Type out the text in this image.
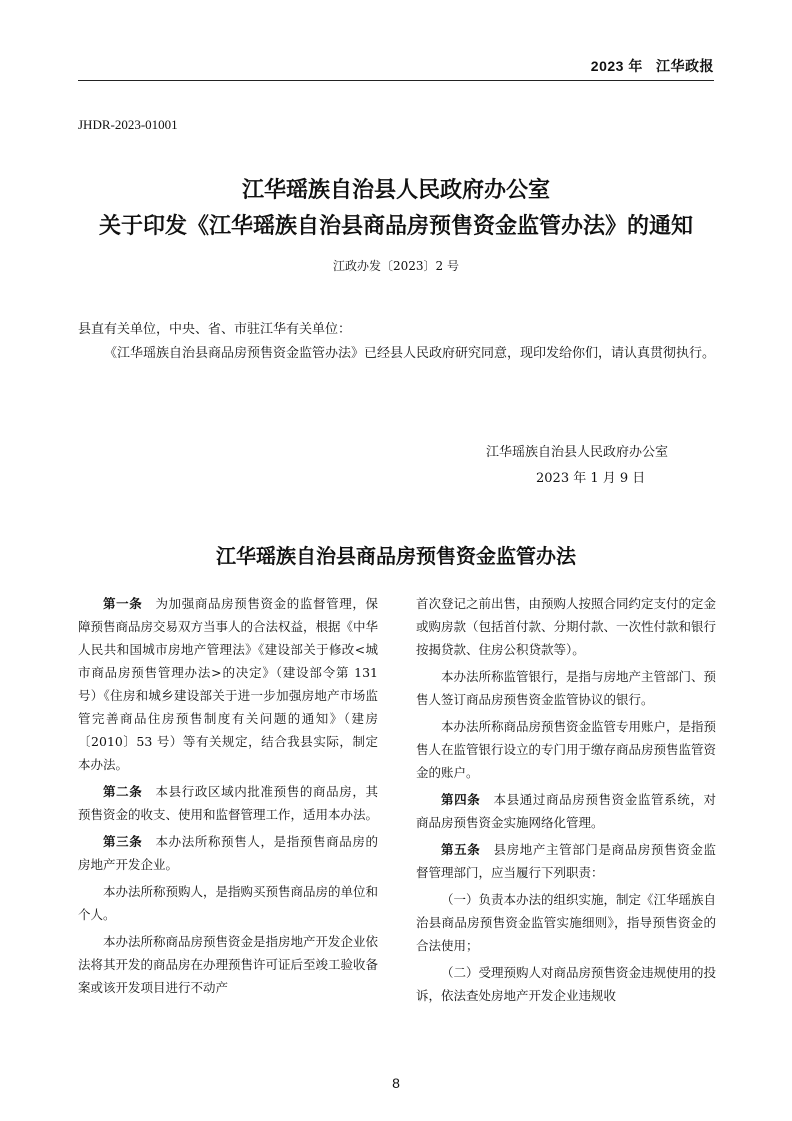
2023 年 江华政报
JHDR-2023-01001
江华瑶族自治县人民政府办公室
关于印发《江华瑶族自治县商品房预售资金监管办法》的通知
江政办发〔2023〕2 号
县直有关单位，中央、省、市驻江华有关单位：
《江华瑶族自治县商品房预售资金监管办法》已经县人民政府研究同意，现印发给你们，请认真贯彻执行。
江华瑶族自治县人民政府办公室
2023 年 1 月 9 日
江华瑶族自治县商品房预售资金监管办法

第一条　 为加强商品房预售资金的监督管理，保障预售商品房交易双方当事人的合法权益，根据《中华人民共和国城市房地产管理法》《建设部关于修改<城市商品房预售管理办法>的决定》（建设部令第 131 号）《住房和城乡建设部关于进一步加强房地产市场监管完善商品住房预售制度有关问题的通知》（建房〔2010〕53 号）等有关规定，结合我县实际，制定本办法。

第二条　 本县行政区域内批准预售的商品房，其预售资金的收支、使用和监督管理工作，适用本办法。

第三条　 本办法所称预售人，是指预售商品房的房地产开发企业。

本办法所称预购人，是指购买预售商品房的单位和个人。

本办法所称商品房预售资金是指房地产开发企业依法将其开发的商品房在办理预售许可证后至竣工验收备案或该开发项目进行不动产

首次登记之前出售，由预购人按照合同约定支付的定金或购房款（包括首付款、分期付款、一次性付款和银行按揭贷款、住房公积贷款等）。

本办法所称监管银行，是指与房地产主管部门、预售人签订商品房预售资金监管协议的银行。

本办法所称商品房预售资金监管专用账户，是指预售人在监管银行设立的专门用于缴存商品房预售监管资金的账户。

第四条　 本县通过商品房预售资金监管系统，对商品房预售资金实施网络化管理。

第五条　 县房地产主管部门是商品房预售资金监督管理部门，应当履行下列职责：

（一）负责本办法的组织实施，制定《江华瑶族自治县商品房预售资金监管实施细则》，指导预售资金的合法使用；

（二）受理预购人对商品房预售资金违规使用的投诉，依法查处房地产开发企业违规收

8
